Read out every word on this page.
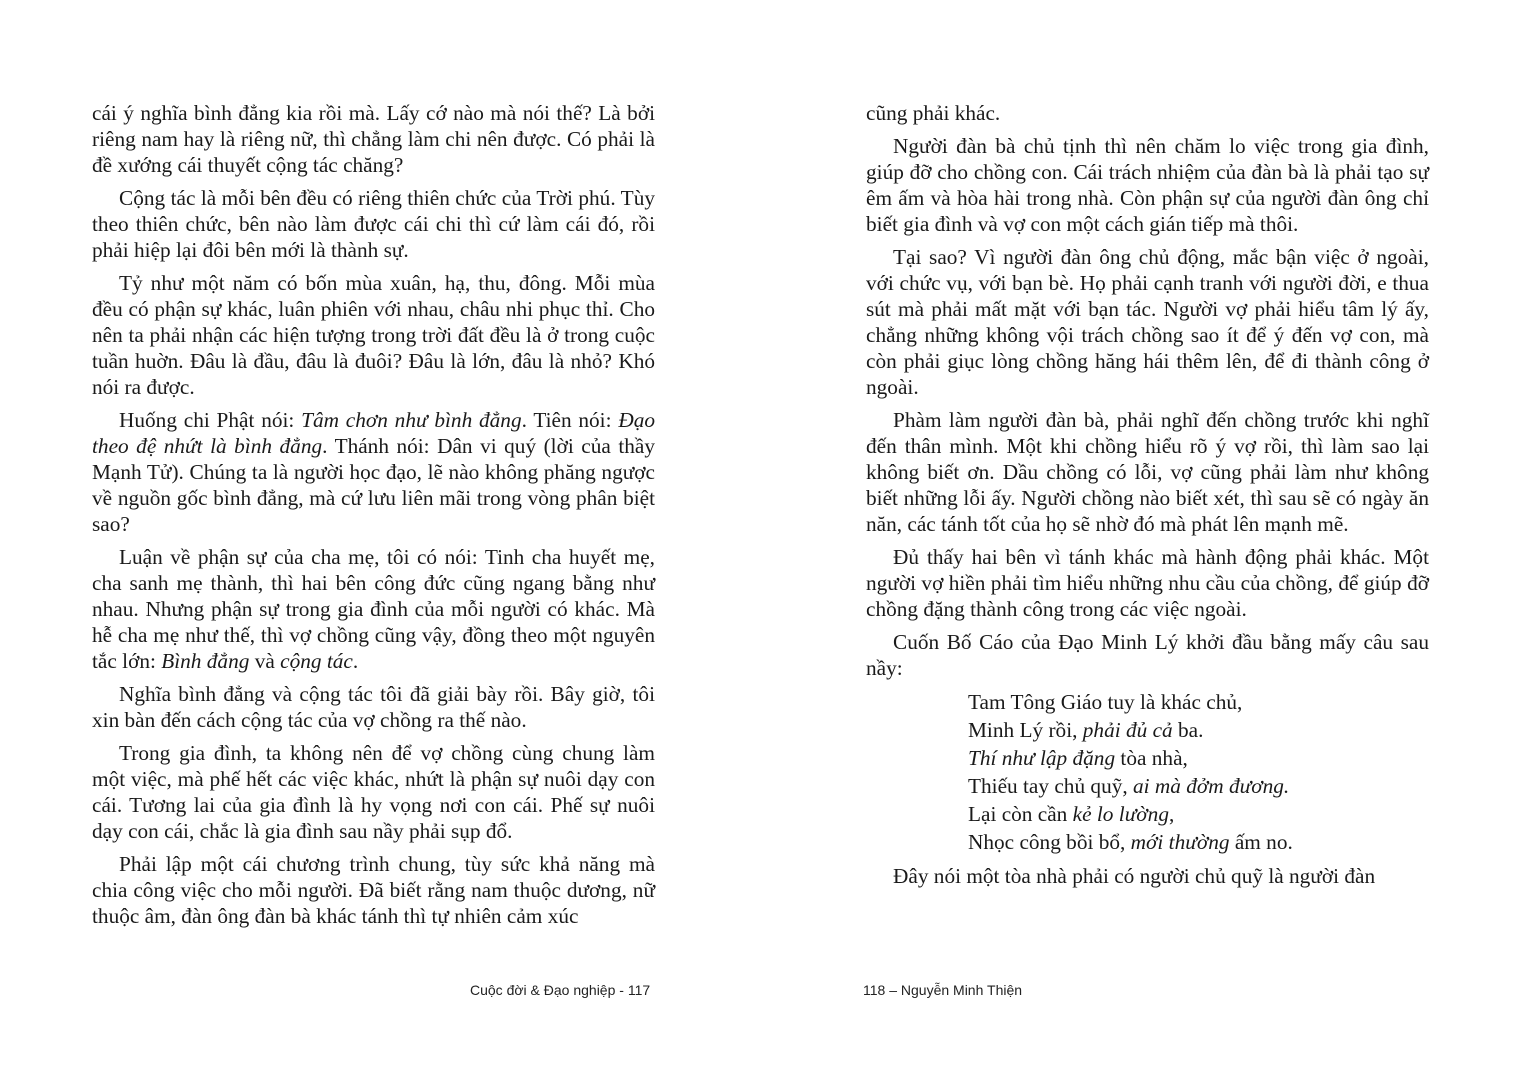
cái ý nghĩa bình đẳng kia rồi mà. Lấy cớ nào mà nói thế? Là bởi riêng nam hay là riêng nữ, thì chẳng làm chi nên được. Có phải là đề xướng cái thuyết cộng tác chăng?

Cộng tác là mỗi bên đều có riêng thiên chức của Trời phú. Tùy theo thiên chức, bên nào làm được cái chi thì cứ làm cái đó, rồi phải hiệp lại đôi bên mới là thành sự.

Tỷ như một năm có bốn mùa xuân, hạ, thu, đông. Mỗi mùa đều có phận sự khác, luân phiên với nhau, châu nhi phục thỉ. Cho nên ta phải nhận các hiện tượng trong trời đất đều là ở trong cuộc tuần huờn. Đâu là đầu, đâu là đuôi? Đâu là lớn, đâu là nhỏ? Khó nói ra được.

Huống chi Phật nói: Tâm chơn như bình đẳng. Tiên nói: Đạo theo đệ nhứt là bình đẳng. Thánh nói: Dân vi quý (lời của thầy Mạnh Tử). Chúng ta là người học đạo, lẽ nào không phăng ngược về nguồn gốc bình đẳng, mà cứ lưu liên mãi trong vòng phân biệt sao?

Luận về phận sự của cha mẹ, tôi có nói: Tinh cha huyết mẹ, cha sanh mẹ thành, thì hai bên công đức cũng ngang bằng như nhau. Nhưng phận sự trong gia đình của mỗi người có khác. Mà hễ cha mẹ như thế, thì vợ chồng cũng vậy, đồng theo một nguyên tắc lớn: Bình đẳng và cộng tác.

Nghĩa bình đẳng và cộng tác tôi đã giải bày rồi. Bây giờ, tôi xin bàn đến cách cộng tác của vợ chồng ra thế nào.

Trong gia đình, ta không nên để vợ chồng cùng chung làm một việc, mà phế hết các việc khác, nhứt là phận sự nuôi dạy con cái. Tương lai của gia đình là hy vọng nơi con cái. Phế sự nuôi dạy con cái, chắc là gia đình sau nầy phải sụp đổ.

Phải lập một cái chương trình chung, tùy sức khả năng mà chia công việc cho mỗi người. Đã biết rằng nam thuộc dương, nữ thuộc âm, đàn ông đàn bà khác tánh thì tự nhiên cảm xúc

cũng phải khác.

Người đàn bà chủ tịnh thì nên chăm lo việc trong gia đình, giúp đỡ cho chồng con. Cái trách nhiệm của đàn bà là phải tạo sự êm ấm và hòa hài trong nhà. Còn phận sự của người đàn ông chỉ biết gia đình và vợ con một cách gián tiếp mà thôi.

Tại sao? Vì người đàn ông chủ động, mắc bận việc ở ngoài, với chức vụ, với bạn bè. Họ phải cạnh tranh với người đời, e thua sút mà phải mất mặt với bạn tác. Người vợ phải hiểu tâm lý ấy, chẳng những không vội trách chồng sao ít để ý đến vợ con, mà còn phải giục lòng chồng hăng hái thêm lên, để đi thành công ở ngoài.

Phàm làm người đàn bà, phải nghĩ đến chồng trước khi nghĩ đến thân mình. Một khi chồng hiểu rõ ý vợ rồi, thì làm sao lại không biết ơn. Dầu chồng có lỗi, vợ cũng phải làm như không biết những lỗi ấy. Người chồng nào biết xét, thì sau sẽ có ngày ăn năn, các tánh tốt của họ sẽ nhờ đó mà phát lên mạnh mẽ.

Đủ thấy hai bên vì tánh khác mà hành động phải khác. Một người vợ hiền phải tìm hiểu những nhu cầu của chồng, để giúp đỡ chồng đặng thành công trong các việc ngoài.

Cuốn Bố Cáo của Đạo Minh Lý khởi đầu bằng mấy câu sau nầy:

Tam Tông Giáo tuy là khác chủ,
Minh Lý rồi, phải đủ cả ba.
Thí như lập đặng tòa nhà,
Thiếu tay chủ quỹ, ai mà đởm đương.
Lại còn cần kẻ lo lường,
Nhọc công bồi bổ, mới thường ấm no.

Đây nói một tòa nhà phải có người chủ quỹ là người đàn

Cuộc đời & Đạo nghiệp - 117	118 – Nguyễn Minh Thiện
